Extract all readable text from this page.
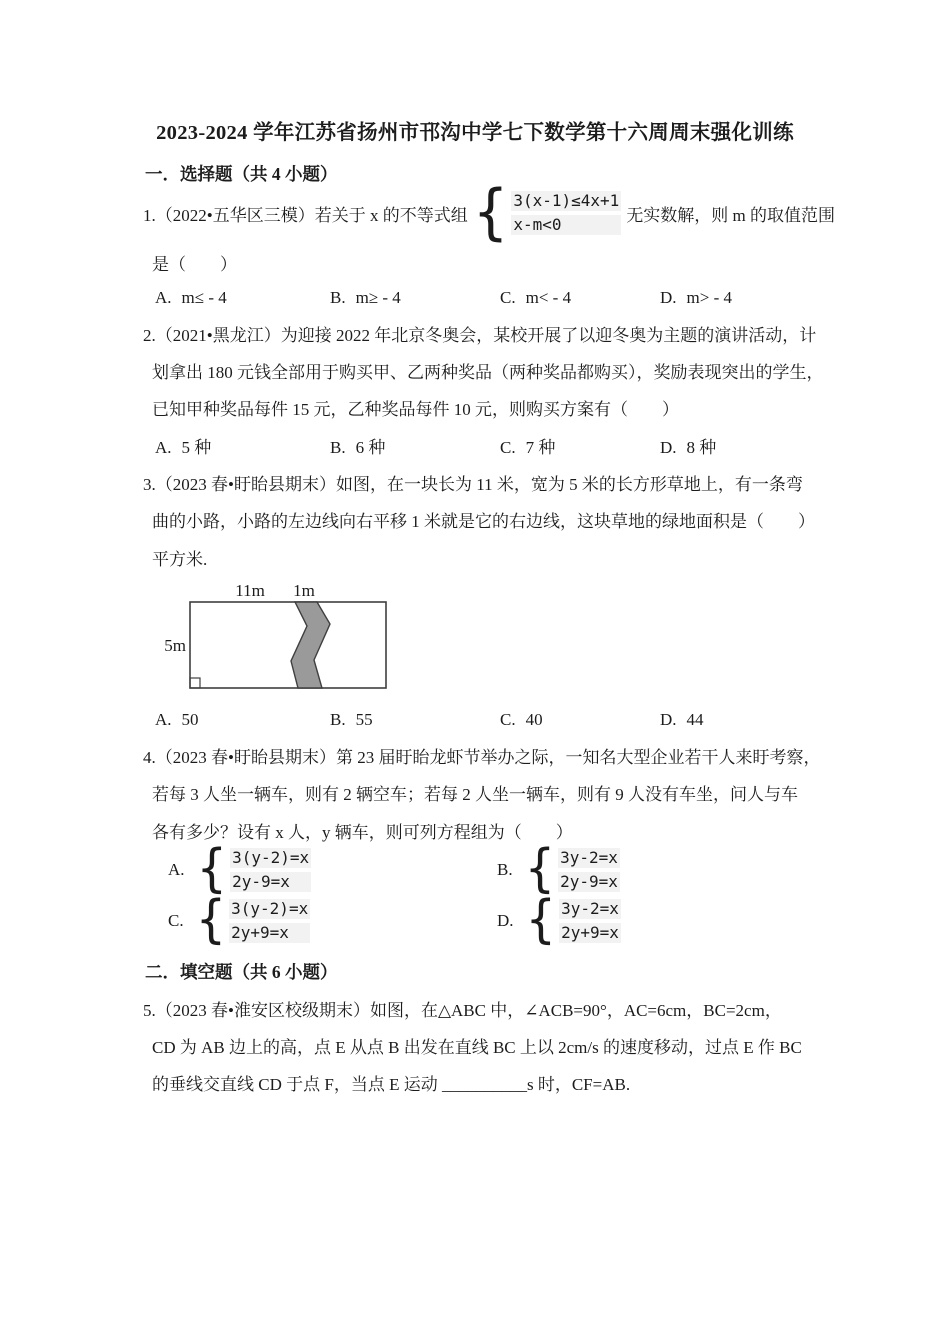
2023-2024 学年江苏省扬州市邗沟中学七下数学第十六周周末强化训练
一．选择题（共 4 小题）
1.（2022•五华区三模）若关于 x 的不等式组 { 3(x-1)≤4x+1
x-m<0	无实数解，则 m 的取值范围
是（　　）
A. m≤ - 4	B. m≥ - 4	C. m< - 4	D. m> - 4
2.（2021•黑龙江）为迎接 2022 年北京冬奥会，某校开展了以迎冬奥为主题的演讲活动，计
划拿出 180 元钱全部用于购买甲、乙两种奖品（两种奖品都购买），奖励表现突出的学生，
已知甲种奖品每件 15 元，乙种奖品每件 10 元，则购买方案有（　　）
A. 5 种	B. 6 种	C. 7 种	D. 8 种
3.（2023 春•盱眙县期末）如图，在一块长为 11 米，宽为 5 米的长方形草地上，有一条弯
曲的小路，小路的左边线向右平移 1 米就是它的右边线，这块草地的绿地面积是（　　）
平方米.
11m 1m
5m
A. 50	B. 55	C. 40	D. 44
4.（2023 春•盱眙县期末）第 23 届盱眙龙虾节举办之际，一知名大型企业若干人来盱考察，
若每 3 人坐一辆车，则有 2 辆空车；若每 2 人坐一辆车，则有 9 人没有车坐，问人与车
各有多少？设有 x 人，y 辆车，则可列方程组为（　　）
A. { 3(y-2)=x
2y-9=x
B. { 3y-2=x
2y-9=x
C. { 3(y-2)=x
2y+9=x
D. { 3y-2=x
2y+9=x
二．填空题（共 6 小题）
5.（2023 春•淮安区校级期末）如图，在△ABC 中，∠ACB=90°，AC=6cm，BC=2cm，
CD 为 AB 边上的高，点 E 从点 B 出发在直线 BC 上以 2cm/s 的速度移动，过点 E 作 BC
的垂线交直线 CD 于点 F，当点 E 运动 __________s 时，CF=AB.
